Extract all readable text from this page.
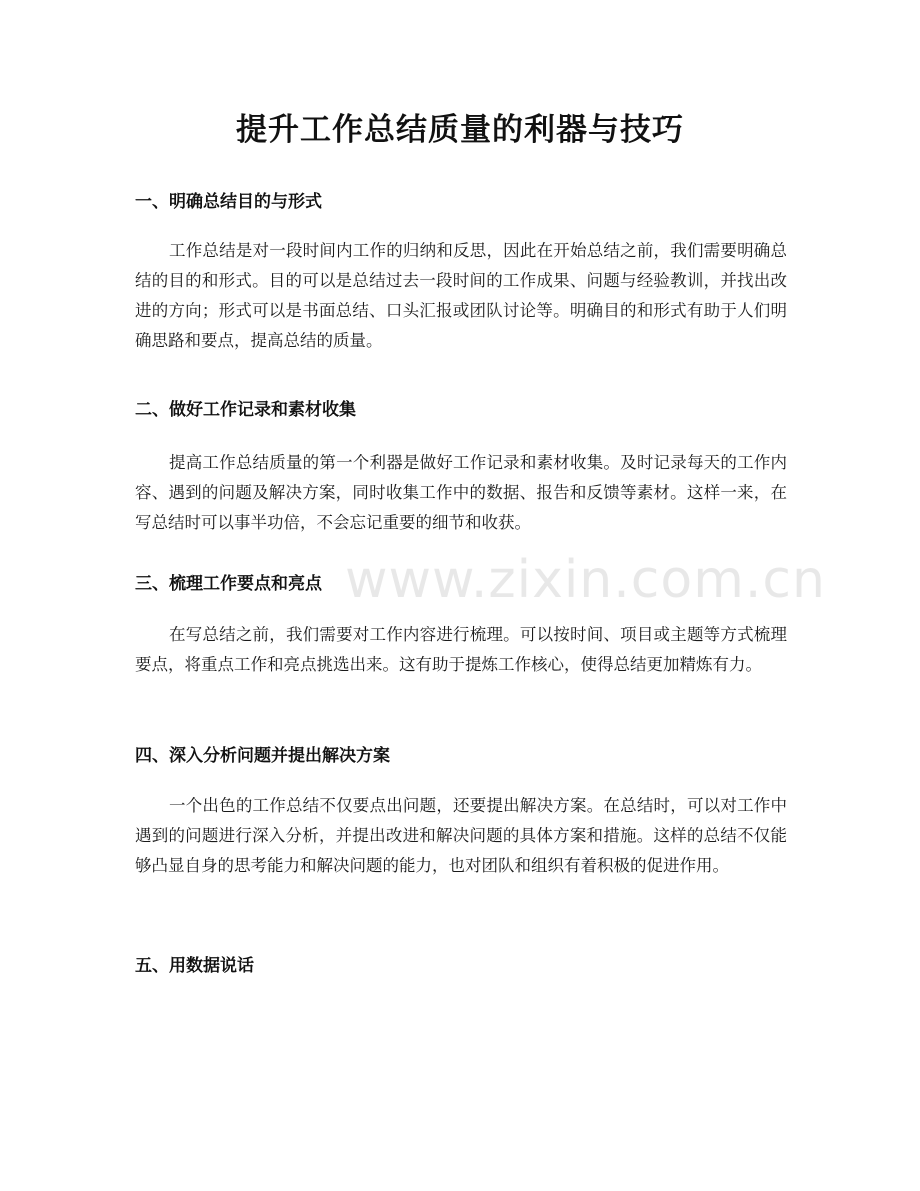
提升工作总结质量的利器与技巧
一、明确总结目的与形式

工作总结是对一段时间内工作的归纳和反思，因此在开始总结之前，我们需要明确总结的目的和形式。目的可以是总结过去一段时间的工作成果、问题与经验教训，并找出改进的方向；形式可以是书面总结、口头汇报或团队讨论等。明确目的和形式有助于人们明确思路和要点，提高总结的质量。

二、做好工作记录和素材收集

提高工作总结质量的第一个利器是做好工作记录和素材收集。及时记录每天的工作内容、遇到的问题及解决方案，同时收集工作中的数据、报告和反馈等素材。这样一来，在写总结时可以事半功倍，不会忘记重要的细节和收获。

www.zixin.com.cn
三、梳理工作要点和亮点

在写总结之前，我们需要对工作内容进行梳理。可以按时间、项目或主题等方式梳理要点，将重点工作和亮点挑选出来。这有助于提炼工作核心，使得总结更加精炼有力。

四、深入分析问题并提出解决方案

一个出色的工作总结不仅要点出问题，还要提出解决方案。在总结时，可以对工作中遇到的问题进行深入分析，并提出改进和解决问题的具体方案和措施。这样的总结不仅能够凸显自身的思考能力和解决问题的能力，也对团队和组织有着积极的促进作用。

五、用数据说话
